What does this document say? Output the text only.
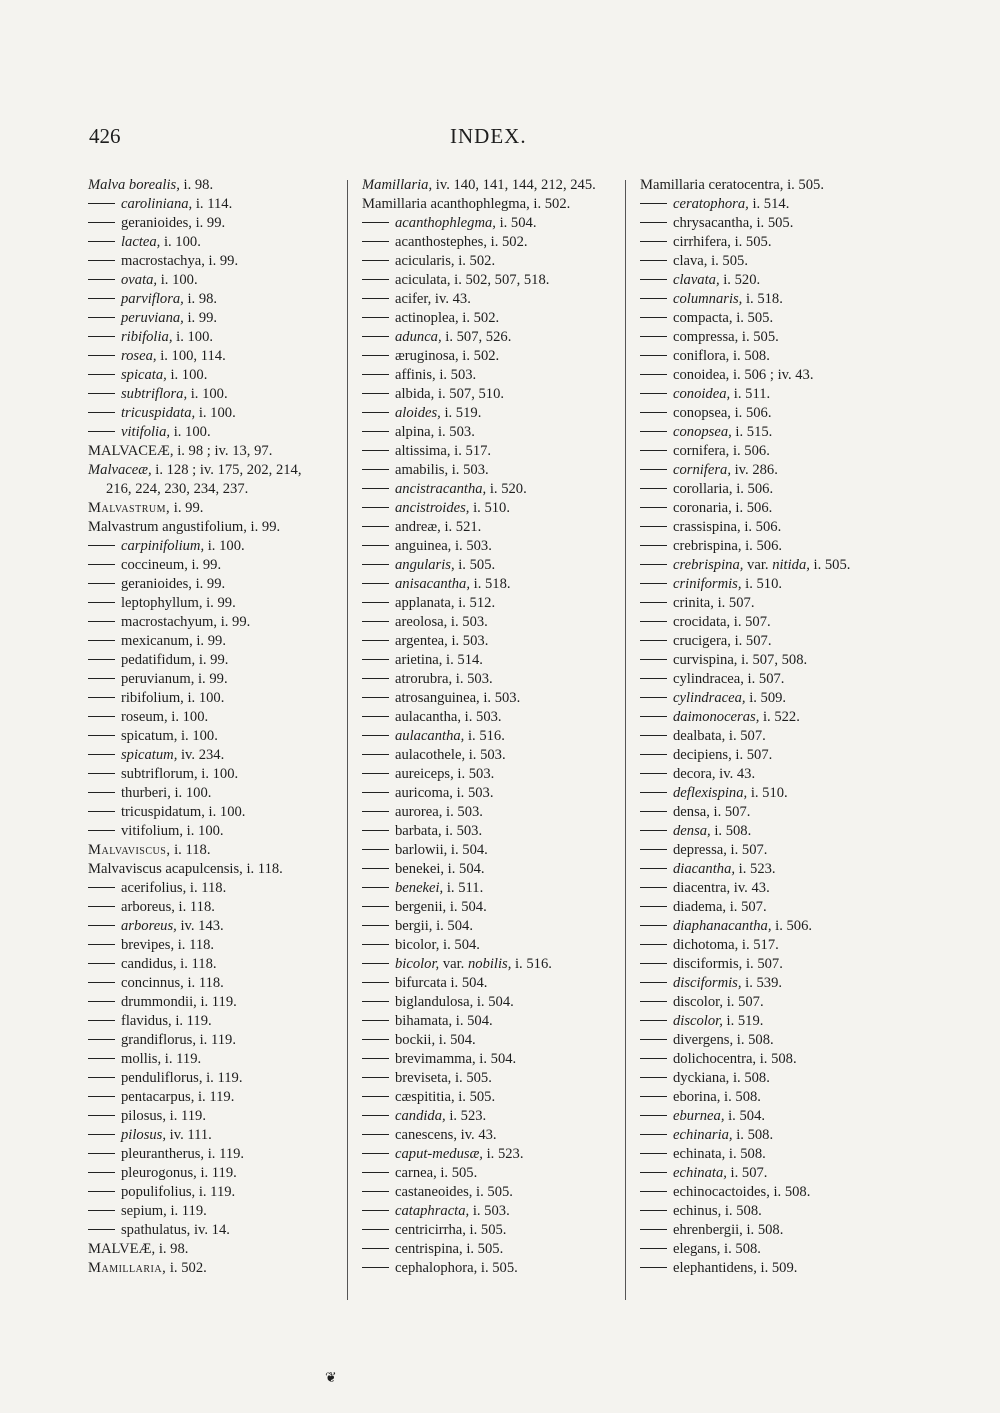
426	INDEX.
Malva borealis, i. 98.
caroliniana, i. 114.
geranioides, i. 99.
lactea, i. 100.
macrostachya, i. 99.
ovata, i. 100.
parviflora, i. 98.
peruviana, i. 99.
ribifolia, i. 100.
rosea, i. 100, 114.
spicata, i. 100.
subtriflora, i. 100.
tricuspidata, i. 100.
vitifolia, i. 100.
MALVACEÆ, i. 98 ; iv. 13, 97.
Malvaceæ, i. 128 ; iv. 175, 202, 214,
216, 224, 230, 234, 237.
Malvastrum, i. 99.
Malvastrum angustifolium, i. 99.
carpinifolium, i. 100.
coccineum, i. 99.
geranioides, i. 99.
leptophyllum, i. 99.
macrostachyum, i. 99.
mexicanum, i. 99.
pedatifidum, i. 99.
peruvianum, i. 99.
ribifolium, i. 100.
roseum, i. 100.
spicatum, i. 100.
spicatum, iv. 234.
subtriflorum, i. 100.
thurberi, i. 100.
tricuspidatum, i. 100.
vitifolium, i. 100.
Malvaviscus, i. 118.
Malvaviscus acapulcensis, i. 118.
acerifolius, i. 118.
arboreus, i. 118.
arboreus, iv. 143.
brevipes, i. 118.
candidus, i. 118.
concinnus, i. 118.
drummondii, i. 119.
flavidus, i. 119.
grandiflorus, i. 119.
mollis, i. 119.
penduliflorus, i. 119.
pentacarpus, i. 119.
pilosus, i. 119.
pilosus, iv. 111.
pleurantherus, i. 119.
pleurogonus, i. 119.
populifolius, i. 119.
sepium, i. 119.
spathulatus, iv. 14.
MALVEÆ, i. 98.
Mamillaria, i. 502.
Mamillaria, iv. 140, 141, 144, 212, 245.
Mamillaria acanthophlegma, i. 502.
acanthophlegma, i. 504.
acanthostephes, i. 502.
acicularis, i. 502.
aciculata, i. 502, 507, 518.
acifer, iv. 43.
actinoplea, i. 502.
adunca, i. 507, 526.
æruginosa, i. 502.
affinis, i. 503.
albida, i. 507, 510.
aloides, i. 519.
alpina, i. 503.
altissima, i. 517.
amabilis, i. 503.
ancistracantha, i. 520.
ancistroides, i. 510.
andreæ, i. 521.
anguinea, i. 503.
angularis, i. 505.
anisacantha, i. 518.
applanata, i. 512.
areolosa, i. 503.
argentea, i. 503.
arietina, i. 514.
atrorubra, i. 503.
atrosanguinea, i. 503.
aulacantha, i. 503.
aulacantha, i. 516.
aulacothele, i. 503.
aureiceps, i. 503.
auricoma, i. 503.
aurorea, i. 503.
barbata, i. 503.
barlowii, i. 504.
benekei, i. 504.
benekei, i. 511.
bergenii, i. 504.
bergii, i. 504.
bicolor, i. 504.
bicolor, var. nobilis, i. 516.
bifurcata i. 504.
biglandulosa, i. 504.
bihamata, i. 504.
bockii, i. 504.
brevimamma, i. 504.
breviseta, i. 505.
cæspititia, i. 505.
candida, i. 523.
canescens, iv. 43.
caput-medusæ, i. 523.
carnea, i. 505.
castaneoides, i. 505.
cataphracta, i. 503.
centricirrha, i. 505.
centrispina, i. 505.
cephalophora, i. 505.
Mamillaria ceratocentra, i. 505.
ceratophora, i. 514.
chrysacantha, i. 505.
cirrhifera, i. 505.
clava, i. 505.
clavata, i. 520.
columnaris, i. 518.
compacta, i. 505.
compressa, i. 505.
coniflora, i. 508.
conoidea, i. 506 ; iv. 43.
conoidea, i. 511.
conopsea, i. 506.
conopsea, i. 515.
cornifera, i. 506.
cornifera, iv. 286.
corollaria, i. 506.
coronaria, i. 506.
crassispina, i. 506.
crebrispina, i. 506.
crebrispina, var. nitida, i. 505.
criniformis, i. 510.
crinita, i. 507.
crocidata, i. 507.
crucigera, i. 507.
curvispina, i. 507, 508.
cylindracea, i. 507.
cylindracea, i. 509.
daimonoceras, i. 522.
dealbata, i. 507.
decipiens, i. 507.
decora, iv. 43.
deflexispina, i. 510.
densa, i. 507.
densa, i. 508.
depressa, i. 507.
diacantha, i. 523.
diacentra, iv. 43.
diadema, i. 507.
diaphanacantha, i. 506.
dichotoma, i. 517.
disciformis, i. 507.
disciformis, i. 539.
discolor, i. 507.
discolor, i. 519.
divergens, i. 508.
dolichocentra, i. 508.
dyckiana, i. 508.
eborina, i. 508.
eburnea, i. 504.
echinaria, i. 508.
echinata, i. 508.
echinata, i. 507.
echinocactoides, i. 508.
echinus, i. 508.
ehrenbergii, i. 508.
elegans, i. 508.
elephantidens, i. 509.
❦
